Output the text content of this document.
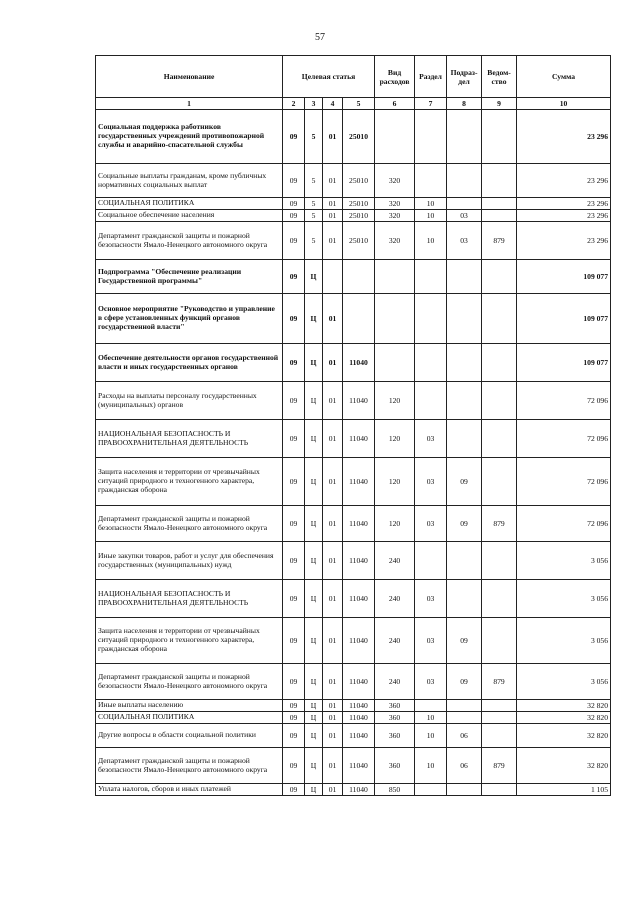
57
Наименование	Целевая статья				Вид расходов	Раздел	Подраз-дел	Ведом-ство	Сумма
1	2	3	4	5	6	7	8	9	10
Социальная поддержка работников государственных учреждений противопожарной службы и аварийно-спасательной службы	09	5	01	25010					23 296
Социальные выплаты гражданам, кроме публичных нормативных социальных выплат	09	5	01	25010	320				23 296
СОЦИАЛЬНАЯ ПОЛИТИКА	09	5	01	25010	320	10			23 296
Социальное обеспечение населения	09	5	01	25010	320	10	03		23 296
Департамент гражданской защиты и пожарной безопасности Ямало-Ненецкого автономного округа	09	5	01	25010	320	10	03	879	23 296
Подпрограмма "Обеспечение реализации Государственной программы"	09	Ц							109 077
Основное мероприятие "Руководство и управление в сфере установленных функций органов государственной власти"	09	Ц	01						109 077
Обеспечение деятельности органов государственной власти и иных государственных органов	09	Ц	01	11040					109 077
Расходы на выплаты персоналу государственных (муниципальных) органов	09	Ц	01	11040	120				72 096
НАЦИОНАЛЬНАЯ БЕЗОПАСНОСТЬ И ПРАВООХРАНИТЕЛЬНАЯ ДЕЯТЕЛЬНОСТЬ	09	Ц	01	11040	120	03			72 096
Защита населения и территории от чрезвычайных ситуаций природного и техногенного характера, гражданская оборона	09	Ц	01	11040	120	03	09		72 096
Департамент гражданской защиты и пожарной безопасности Ямало-Ненецкого автономного округа	09	Ц	01	11040	120	03	09	879	72 096
Иные закупки товаров, работ и услуг для обеспечения государственных (муниципальных) нужд	09	Ц	01	11040	240				3 056
НАЦИОНАЛЬНАЯ БЕЗОПАСНОСТЬ И ПРАВООХРАНИТЕЛЬНАЯ ДЕЯТЕЛЬНОСТЬ	09	Ц	01	11040	240	03			3 056
Защита населения и территории от чрезвычайных ситуаций природного и техногенного характера, гражданская оборона	09	Ц	01	11040	240	03	09		3 056
Департамент гражданской защиты и пожарной безопасности Ямало-Ненецкого автономного округа	09	Ц	01	11040	240	03	09	879	3 056
Иные выплаты населению	09	Ц	01	11040	360				32 820
СОЦИАЛЬНАЯ ПОЛИТИКА	09	Ц	01	11040	360	10			32 820
Другие вопросы в области социальной политики	09	Ц	01	11040	360	10	06		32 820
Департамент гражданской защиты и пожарной безопасности Ямало-Ненецкого автономного округа	09	Ц	01	11040	360	10	06	879	32 820
Уплата налогов, сборов и иных платежей	09	Ц	01	11040	850				1 105
